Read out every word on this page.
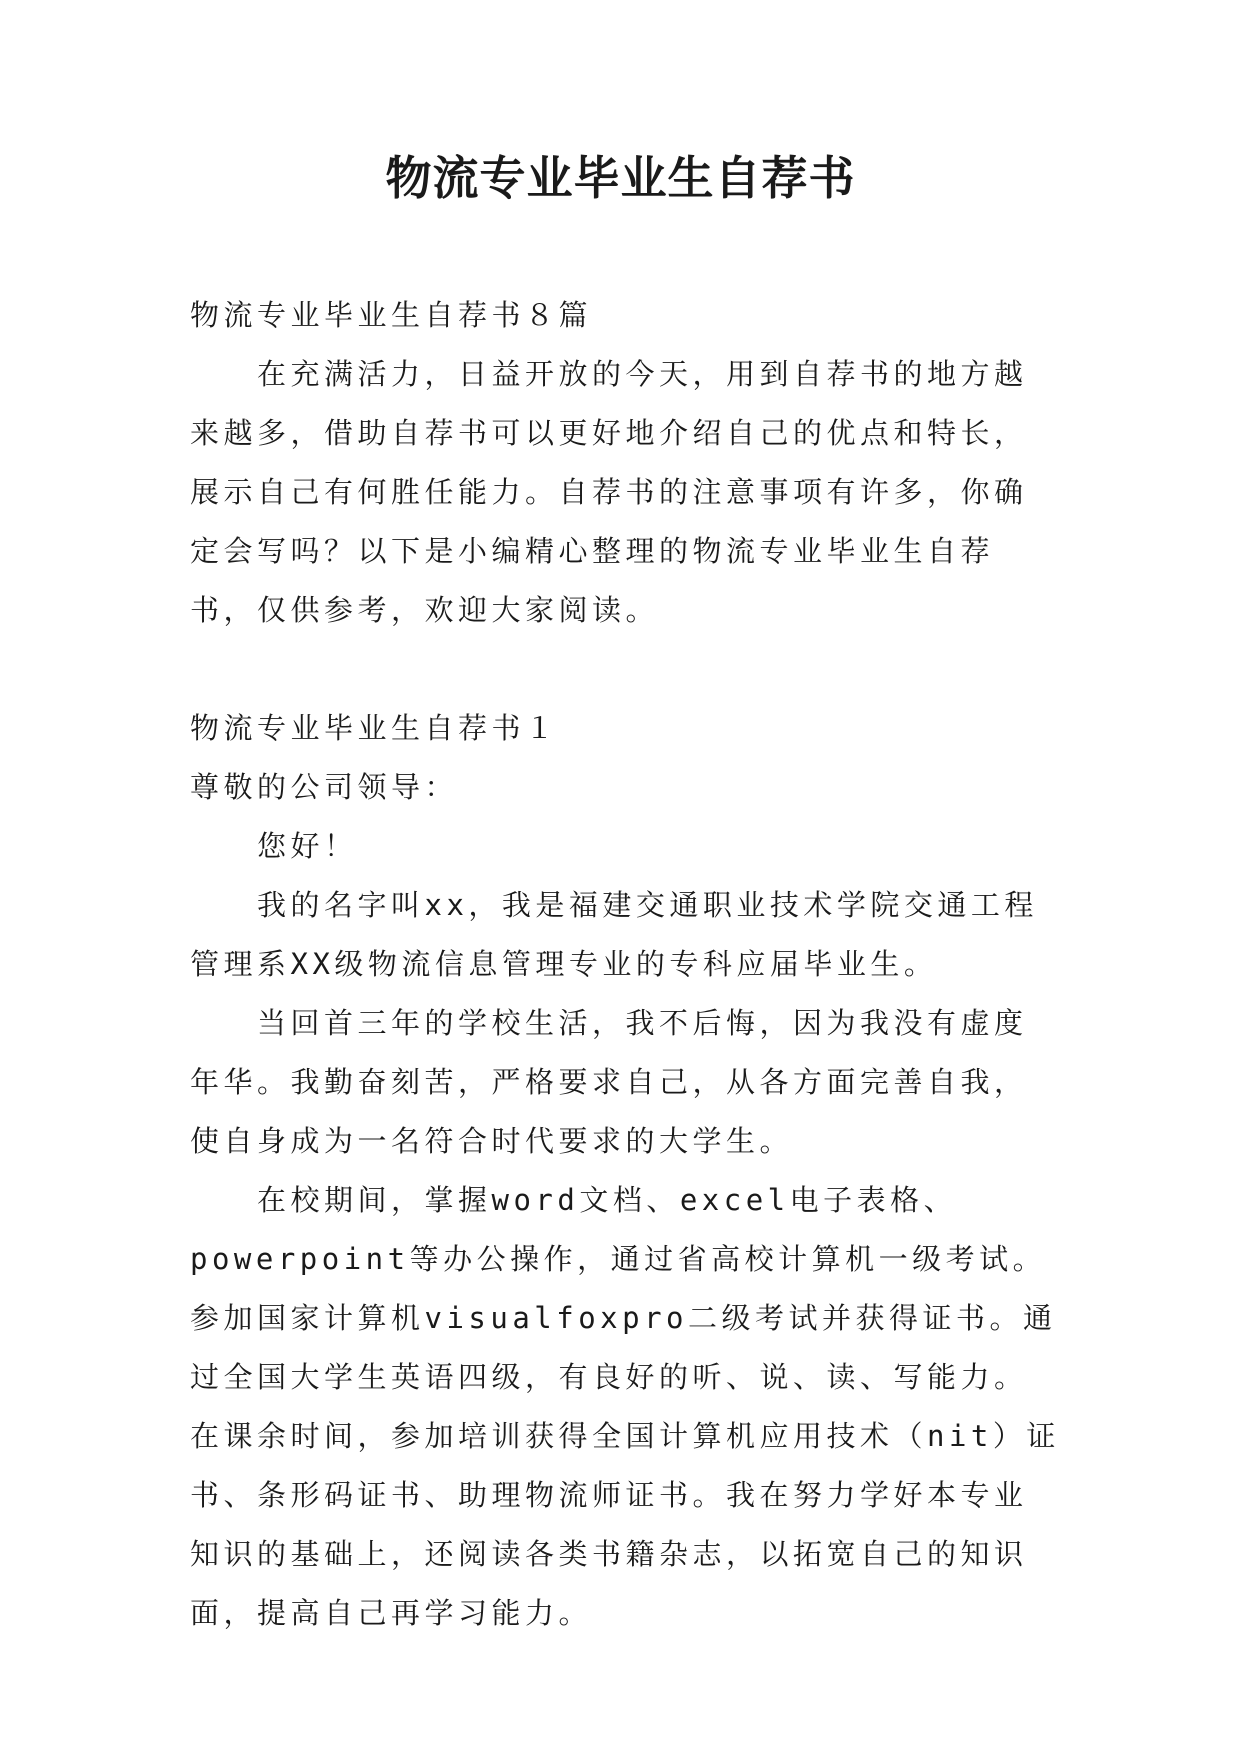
物流专业毕业生自荐书

物流专业毕业生自荐书８篇

在充满活力，日益开放的今天，用到自荐书的地方越来越多，借助自荐书可以更好地介绍自己的优点和特长，展示自己有何胜任能力。自荐书的注意事项有许多，你确定会写吗？以下是小编精心整理的物流专业毕业生自荐书，仅供参考，欢迎大家阅读。

物流专业毕业生自荐书１

尊敬的公司领导：

您好！

我的名字叫xx，我是福建交通职业技术学院交通工程管理系XX级物流信息管理专业的专科应届毕业生。

当回首三年的学校生活，我不后悔，因为我没有虚度年华。我勤奋刻苦，严格要求自己，从各方面完善自我，使自身成为一名符合时代要求的大学生。

在校期间，掌握word文档、excel电子表格、powerpoint等办公操作，通过省高校计算机一级考试。参加国家计算机visualfoxpro二级考试并获得证书。通过全国大学生英语四级，有良好的听、说、读、写能力。在课余时间，参加培训获得全国计算机应用技术（nit）证书、条形码证书、助理物流师证书。我在努力学好本专业知识的基础上，还阅读各类书籍杂志，以拓宽自己的知识面，提高自己再学习能力。
